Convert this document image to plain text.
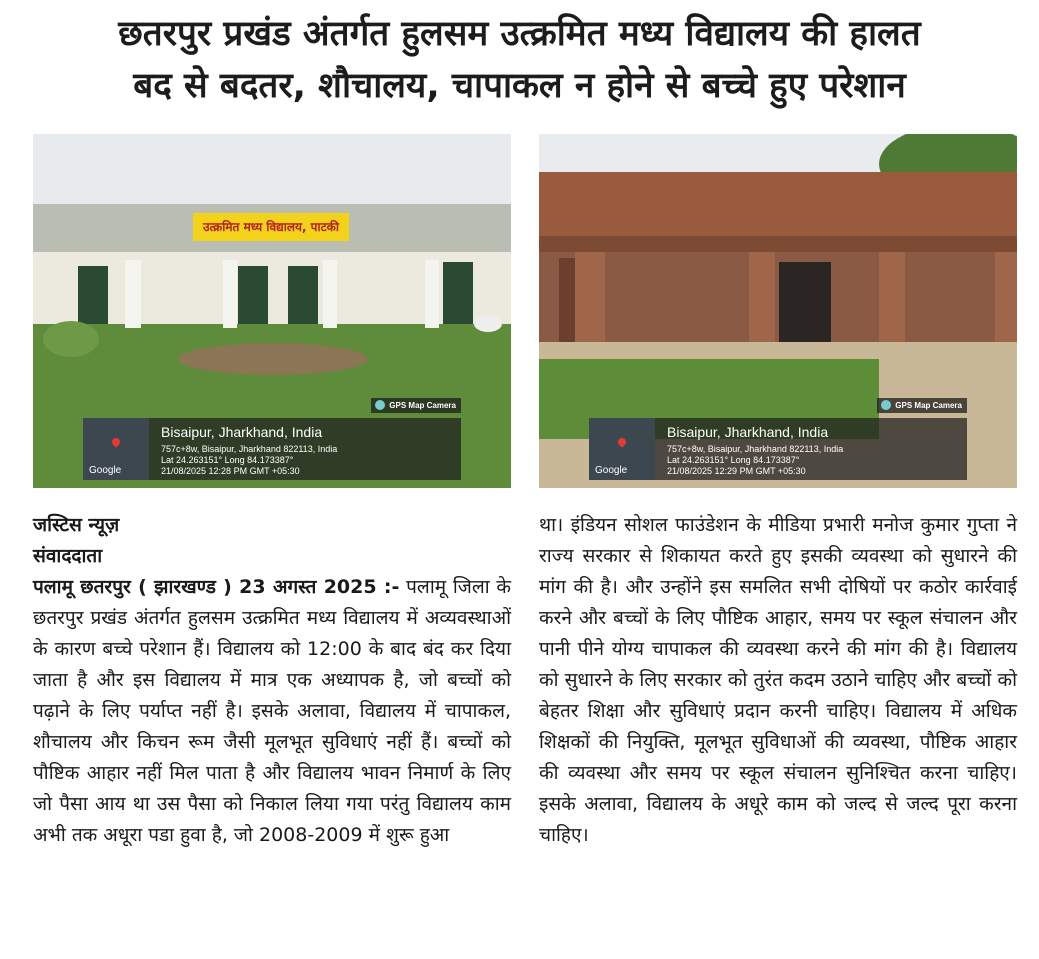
छतरपुर प्रखंड अंतर्गत हुलसम उत्क्रमित मध्य विद्यालय की हालत
बद से बदतर, शौचालय, चापाकल न होने से बच्चे हुए परेशान
उत्क्रमित मध्य विद्यालय, पाटकी
GPS Map Camera
Google
Bisaipur, Jharkhand, India
757c+8w, Bisaipur, Jharkhand 822113, India
Lat 24.263151° Long 84.173387°
21/08/2025 12:28 PM GMT +05:30
GPS Map Camera
Google
Bisaipur, Jharkhand, India
757c+8w, Bisaipur, Jharkhand 822113, India
Lat 24.263151° Long 84.173387°
21/08/2025 12:29 PM GMT +05:30
जस्टिस न्यूज़
संवाददाता
पलामू छतरपुर ( झारखण्ड ) 23 अगस्त 2025 :- पलामू जिला के छतरपुर प्रखंड अंतर्गत हुलसम उत्क्रमित मध्य विद्यालय में अव्यवस्थाओं के कारण बच्चे परेशान हैं। विद्यालय को 12:00 के बाद बंद कर दिया जाता है और इस विद्यालय में मात्र एक अध्यापक है, जो बच्चों को पढ़ाने के लिए पर्याप्त नहीं है। इसके अलावा, विद्यालय में चापाकल, शौचालय और किचन रूम जैसी मूलभूत सुविधाएं नहीं हैं। बच्चों को पौष्टिक आहार नहीं मिल पाता है और विद्यालय भावन निमार्ण के लिए जो पैसा आय था उस पैसा को निकाल लिया गया परंतु विद्यालय काम अभी तक अधूरा पडा हुवा है, जो 2008-2009 में शुरू हुआ
था। इंडियन सोशल फाउंडेशन के मीडिया प्रभारी मनोज कुमार गुप्ता ने राज्य सरकार से शिकायत करते हुए इसकी व्यवस्था को सुधारने की मांग की है। और उन्होंने इस समलित सभी दोषियों पर कठोर कार्रवाई करने और बच्चों के लिए पौष्टिक आहार, समय पर स्कूल संचालन और पानी पीने योग्य चापाकल की व्यवस्था करने की मांग की है। विद्यालय को सुधारने के लिए सरकार को तुरंत कदम उठाने चाहिए और बच्चों को बेहतर शिक्षा और सुविधाएं प्रदान करनी चाहिए। विद्यालय में अधिक शिक्षकों की नियुक्ति, मूलभूत सुविधाओं की व्यवस्था, पौष्टिक आहार की व्यवस्था और समय पर स्कूल संचालन सुनिश्चित करना चाहिए। इसके अलावा, विद्यालय के अधूरे काम को जल्द से जल्द पूरा करना चाहिए।
